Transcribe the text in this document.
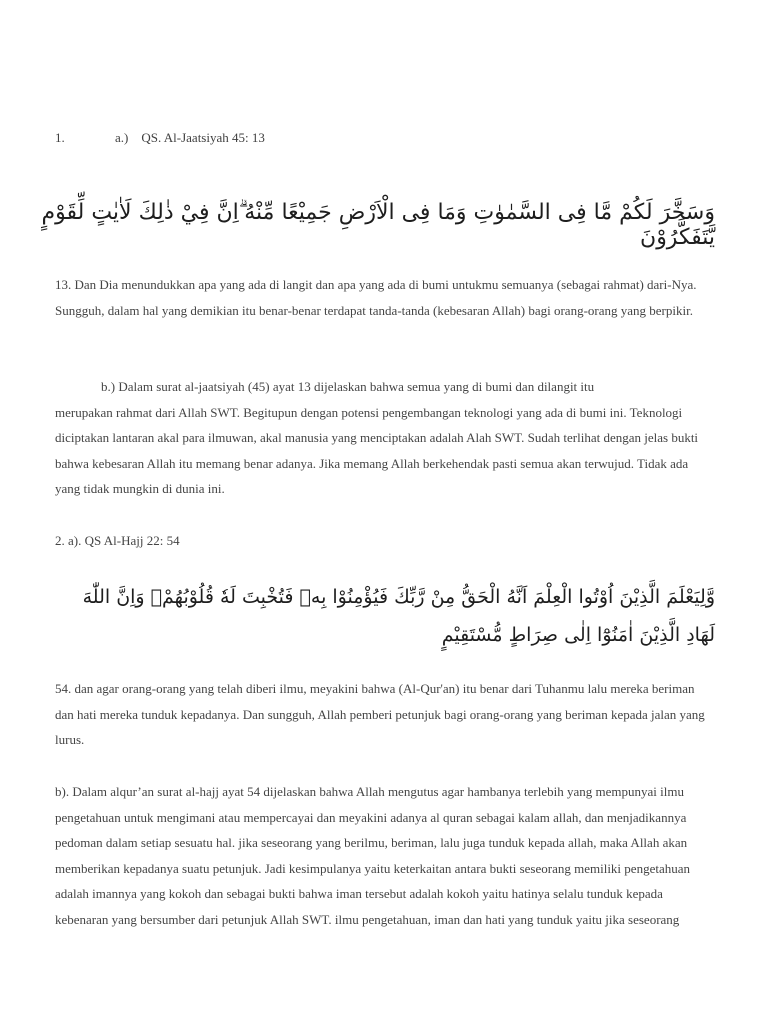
1.	a.) QS. Al-Jaatsiyah 45: 13
وَسَخَّرَ لَكُمْ مَّا فِى السَّمٰوٰتِ وَمَا فِى الْاَرْضِ جَمِيْعًا مِّنْهُ ۗاِنَّ فِيْ ذٰلِكَ لَاٰيٰتٍ لِّقَوْمٍ يَّتَفَكَّرُوْنَ
13. Dan Dia menundukkan apa yang ada di langit dan apa yang ada di bumi untukmu semuanya (sebagai rahmat) dari-Nya. Sungguh, dalam hal yang demikian itu benar-benar terdapat tanda-tanda (kebesaran Allah) bagi orang-orang yang berpikir.
b.) Dalam surat al-jaatsiyah (45) ayat 13 dijelaskan bahwa semua yang di bumi dan dilangit itu
merupakan rahmat dari Allah SWT. Begitupun dengan potensi pengembangan teknologi yang ada di bumi ini. Teknologi diciptakan lantaran akal para ilmuwan, akal manusia yang menciptakan adalah Alah SWT. Sudah terlihat dengan jelas bukti bahwa kebesaran Allah itu memang benar adanya. Jika memang Allah berkehendak pasti semua akan terwujud. Tidak ada yang tidak mungkin di dunia ini.
2. a). QS Al-Hajj 22: 54
وَّلِيَعْلَمَ الَّذِيْنَ اُوْتُوا الْعِلْمَ اَنَّهُ الْحَقُّ مِنْ رَّبِّكَ فَيُؤْمِنُوْا بِهٖ فَتُخْبِتَ لَهٗ قُلُوْبُهُمْۗ وَاِنَّ اللّٰهَ لَهَادِ الَّذِيْنَ اٰمَنُوْٓا اِلٰى صِرَاطٍ مُّسْتَقِيْمٍ
54. dan agar orang-orang yang telah diberi ilmu, meyakini bahwa (Al-Qur'an) itu benar dari Tuhanmu lalu mereka beriman dan hati mereka tunduk kepadanya. Dan sungguh, Allah pemberi petunjuk bagi orang-orang yang beriman kepada jalan yang lurus.
b). Dalam alqur’an surat al-hajj ayat 54 dijelaskan bahwa Allah mengutus agar hambanya terlebih yang mempunyai ilmu pengetahuan untuk mengimani atau mempercayai dan meyakini adanya al quran sebagai kalam allah, dan menjadikannya pedoman dalam setiap sesuatu hal. jika seseorang yang berilmu, beriman, lalu juga tunduk kepada allah, maka Allah akan memberikan kepadanya suatu petunjuk. Jadi kesimpulanya yaitu keterkaitan antara bukti seseorang memiliki pengetahuan adalah imannya yang kokoh dan sebagai bukti bahwa iman tersebut adalah kokoh yaitu hatinya selalu tunduk kepada kebenaran yang bersumber dari petunjuk Allah SWT. ilmu pengetahuan, iman dan hati yang tunduk yaitu jika seseorang
